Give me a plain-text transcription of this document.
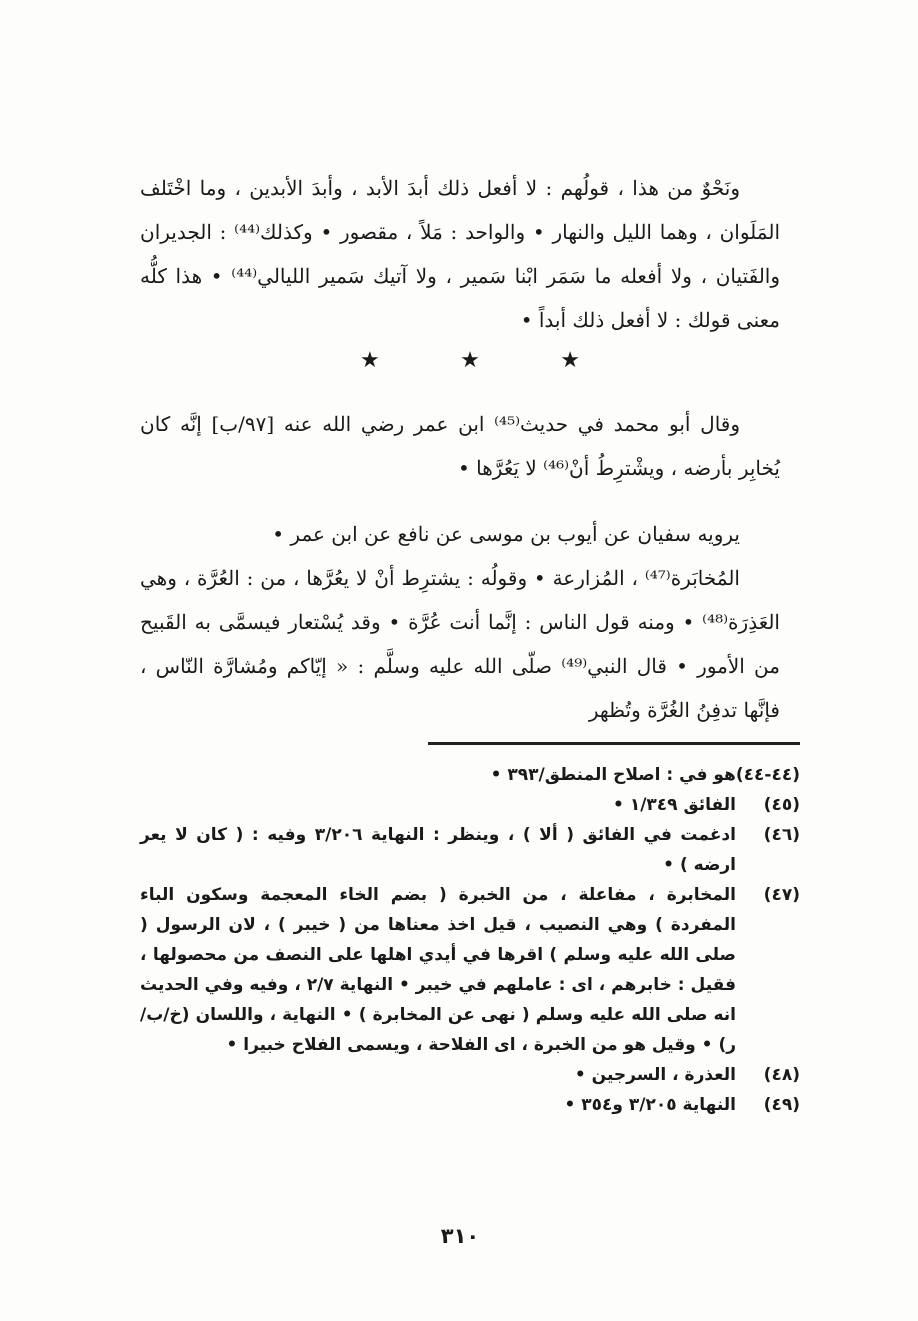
ونَحْوٌ من هذا ، قولُهم : لا أفعل ذلك أبدَ الأبد ، وأبدَ الأبدين ، وما اخْتَلف المَلَوان ، وهما الليل والنهار • والواحد : مَلاً ، مقصور • وكذلك⁽⁴⁴⁾ : الجديران والفَتيان ، ولا أفعله ما سَمَر ابْنا سَمير ، ولا آتيك سَمير الليالي⁽⁴⁴⁾ • هذا كلُّه معنى قولك : لا أفعل ذلك أبداً •

★	★	★

وقال أبو محمد في حديث⁽⁴⁵⁾ ابن عمر رضي الله عنه [٩٧/ب] إنَّه كان يُخابِر بأرضه ، ويشْترِطُ أنْ⁽⁴⁶⁾ لا يَعُرَّها •

يرويه سفيان عن أيوب بن موسى عن نافع عن ابن عمر •

المُخابَرة⁽⁴⁷⁾ ، المُزارعة • وقولُه : يشترِط أنْ لا يعُرَّها ، من : العُرَّة ، وهي العَذِرَة⁽⁴⁸⁾ • ومنه قول الناس : إنَّما أنت عُرَّة • وقد يُسْتعار فيسمَّى به القَبيح من الأمور • قال النبي⁽⁴⁹⁾ صلّى الله عليه وسلَّم : « إيّاكم ومُشارَّة النّاس ، فإنَّها تدفِنُ الغُرَّة وتُظهر

(٤٤-٤٤)
هو في : اصلاح المنطق/٣٩٣ •
(٤٥)
الفائق ١/٣٤٩ •
(٤٦)
ادغمت في الفائق ( ألا ) ، وينظر : النهاية ٣/٢٠٦ وفيه : ( كان لا يعر ارضه ) •
(٤٧)
المخابرة ، مفاعلة ، من الخبرة ( بضم الخاء المعجمة وسكون الباء المفردة ) وهي النصيب ، قيل اخذ معناها من ( خيبر ) ، لان الرسول ( صلى الله عليه وسلم ) اقرها في أيدي اهلها على النصف من محصولها ، فقيل : خابرهم ، اى : عاملهم في خيبر • النهاية ٢/٧ ، وفيه وفي الحديث انه صلى الله عليه وسلم ( نهى عن المخابرة ) • النهاية ، واللسان (خ/ب/ر) • وقيل هو من الخبرة ، اى الفلاحة ، ويسمى الفلاح خبيرا •
(٤٨)
العذرة ، السرجين •
(٤٩)
النهاية ٣/٢٠٥ و٣٥٤ •
٣١٠
